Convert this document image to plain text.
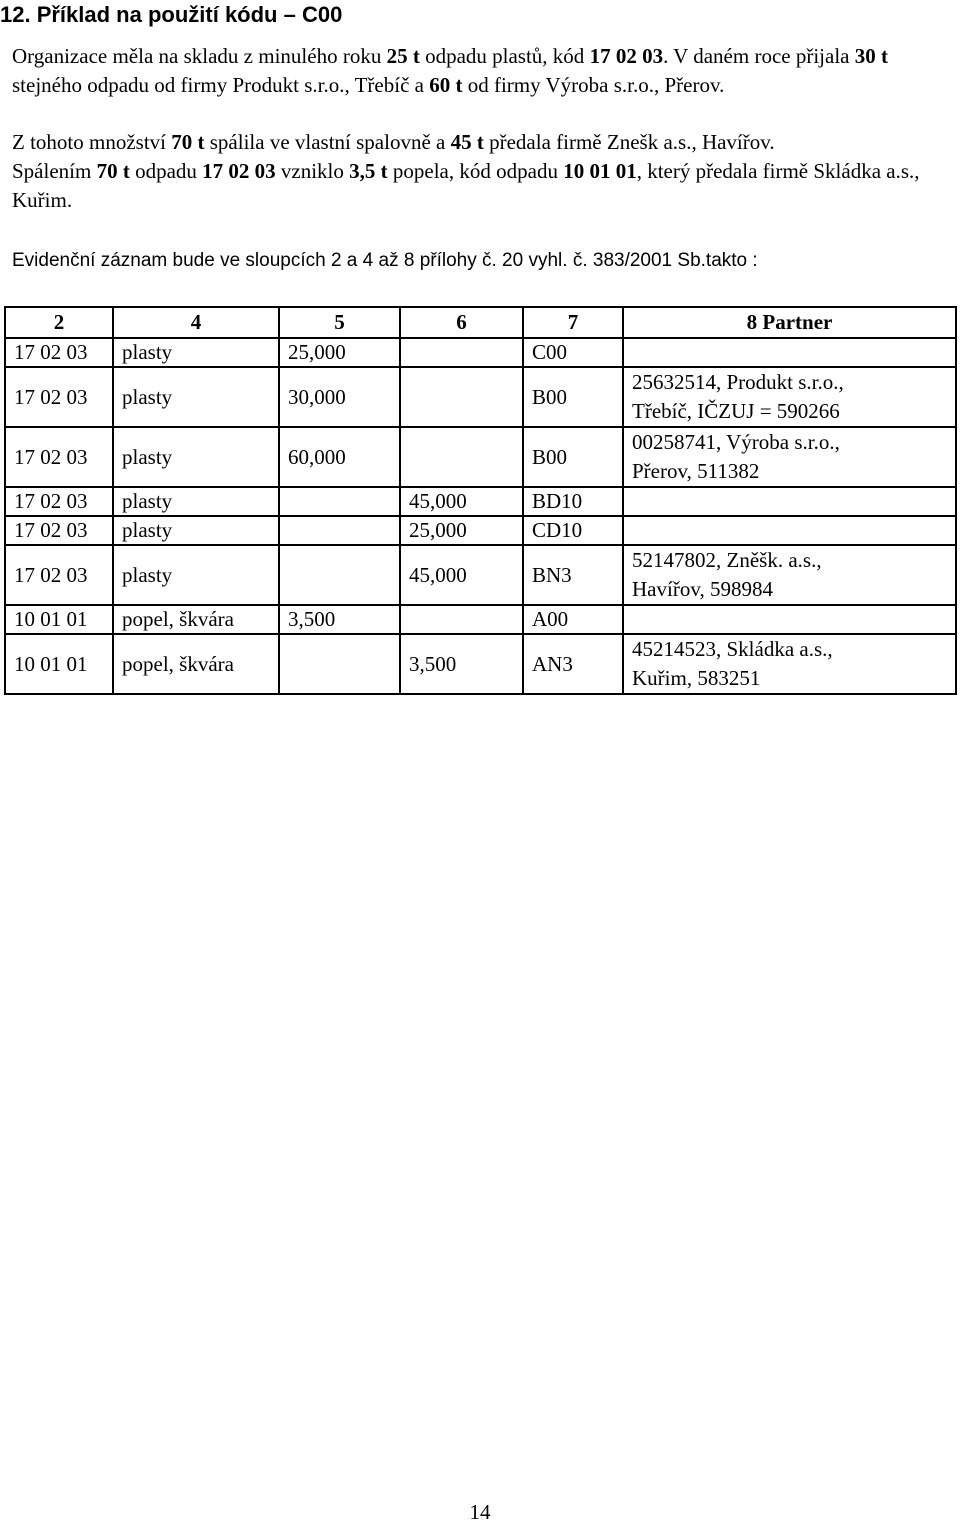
12. Příklad na použití kódu – C00
Organizace měla na skladu z minulého roku 25 t odpadu plastů, kód 17 02 03. V daném roce přijala 30 t stejného odpadu od firmy Produkt s.r.o., Třebíč a 60 t od firmy Výroba s.r.o., Přerov.
Z tohoto množství 70 t spálila ve vlastní spalovně a 45 t předala firmě Znešk a.s., Havířov.
Spálením 70 t odpadu 17 02 03 vzniklo 3,5 t popela, kód odpadu 10 01 01, který předala firmě Skládka a.s., Kuřim.
Evidenční záznam bude ve sloupcích 2 a 4 až 8 přílohy č. 20 vyhl. č. 383/2001 Sb.takto :
2	4	5	6	7	8 Partner
17 02 03	plasty	25,000		C00	
17 02 03	plasty	30,000		B00	25632514, Produkt s.r.o.,
Třebíč, IČZUJ = 590266

17 02 03	plasty	60,000		B00	00258741, Výroba s.r.o.,
Přerov, 511382

17 02 03	plasty		45,000	BD10	
17 02 03	plasty		25,000	CD10	
17 02 03	plasty		45,000	BN3	52147802, Zněšk. a.s.,
Havířov, 598984

10 01 01	popel, škvára	3,500		A00	
10 01 01	popel, škvára		3,500	AN3	45214523, Skládka a.s.,
Kuřim, 583251
14
